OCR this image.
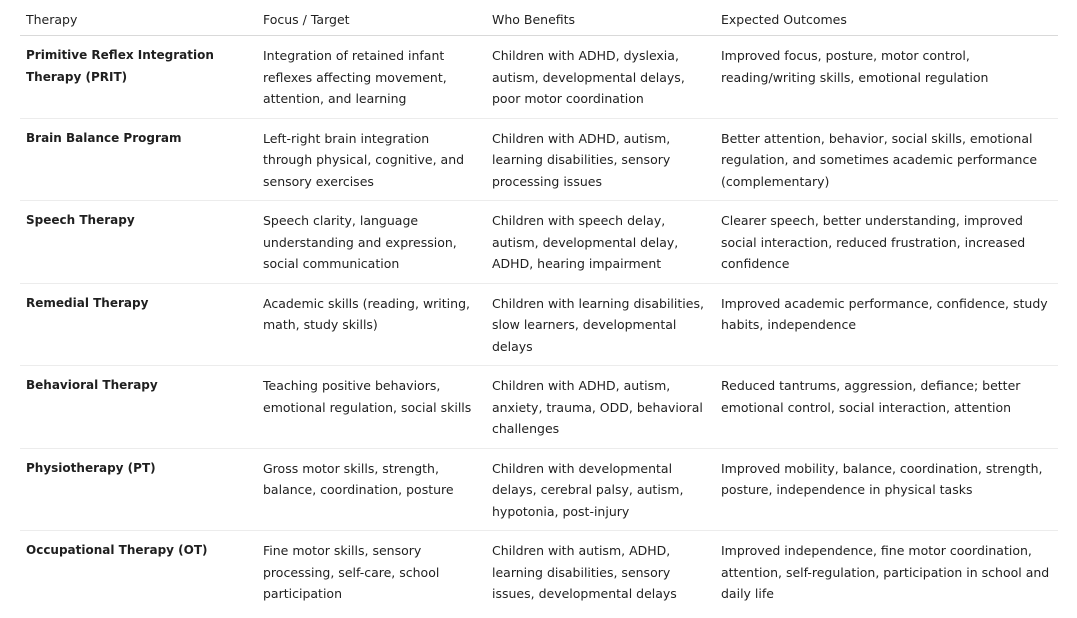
Therapy	Focus / Target	Who Benefits	Expected Outcomes
Primitive Reflex Integration Therapy (PRIT)	Integration of retained infant reflexes affecting movement, attention, and learning	Children with ADHD, dyslexia, autism, developmental delays, poor motor coordination	Improved focus, posture, motor control, reading/writing skills, emotional regulation
Brain Balance Program	Left-right brain integration through physical, cognitive, and sensory exercises	Children with ADHD, autism, learning disabilities, sensory processing issues	Better attention, behavior, social skills, emotional regulation, and sometimes academic performance (complementary)
Speech Therapy	Speech clarity, language understanding and expression, social communication	Children with speech delay, autism, developmental delay, ADHD, hearing impairment	Clearer speech, better understanding, improved social interaction, reduced frustration, increased confidence
Remedial Therapy	Academic skills (reading, writing, math, study skills)	Children with learning disabilities, slow learners, developmental delays	Improved academic performance, confidence, study habits, independence
Behavioral Therapy	Teaching positive behaviors, emotional regulation, social skills	Children with ADHD, autism, anxiety, trauma, ODD, behavioral challenges	Reduced tantrums, aggression, defiance; better emotional control, social interaction, attention
Physiotherapy (PT)	Gross motor skills, strength, balance, coordination, posture	Children with developmental delays, cerebral palsy, autism, hypotonia, post-injury	Improved mobility, balance, coordination, strength, posture, independence in physical tasks
Occupational Therapy (OT)	Fine motor skills, sensory processing, self-care, school participation	Children with autism, ADHD, learning disabilities, sensory issues, developmental delays	Improved independence, fine motor coordination, attention, self-regulation, participation in school and daily life
